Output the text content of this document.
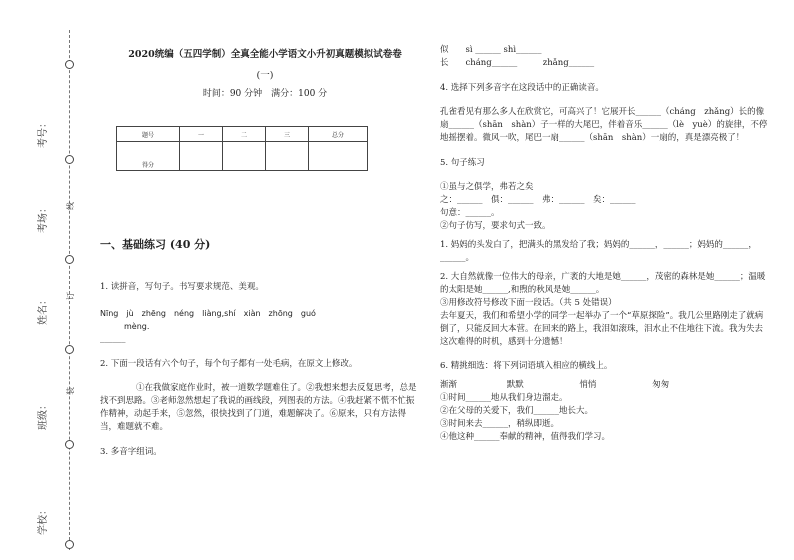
考号：
考场：
姓名：
班级：
学校：
线
订
装
2020统编（五四学制）全真全能小学语文小升初真题模拟试卷卷
(一)
时间：90 分钟　满分：100 分
题号	一	二	三	总分
得分				
一、基础练习 (40 分)

1. 读拼音，写句子。书写要求规范、美观。

Nīng　jù　zhēng　néng　liàng,shí　xiàn　zhōng　guó

mèng.

______

2. 下面一段话有六个句子，每个句子都有一处毛病，在原文上修改。

①在我做家庭作业时，被一道数学题难住了。②我想来想去反复思考，总是找不到思路。③老师忽然想起了我说的画线段，列图表的方法。④我赶紧不慌不忙振作精神，动起手来，⑤忽然，很快找到了门道，难题解决了。⑥原来，只有方法得当，难题就不难。

3. 多音字组词。

似　　sì ______ shì______

长　　cháng______　　　zhǎng______

4. 选择下列多音字在这段话中的正确读音。

孔雀看见有那么多人在欣赏它，可高兴了！它展开长______（cháng　zhǎng）长的像扇______（shān　shàn）子一样的大尾巴，伴着音乐______（lè　yuè）的旋律，不停地摇摆着。微风一吹，尾巴一扇______（shān　shàn）一扇的，真是漂亮极了！

5. 句子练习

①虽与之俱学，弗若之矣

之：______　俱：______　弗：______　矣：______

句意：______。

②句子仿写，要求句式一致。

1. 妈妈的头发白了，把满头的黑发给了我；妈妈的______，______；妈妈的______，______。

2. 大自然就像一位伟大的母亲，广袤的大地是她______，茂密的森林是她______；温暖的太阳是她______,和煦的秋风是她______。

③用修改符号修改下面一段话。（共 5 处错误）

去年夏天，我们和希望小学的同学一起举办了一个“草原探险”。我几公里路刚走了就病倒了，只能反回大本营。在回来的路上，我泪如滚珠，泪水止不住地往下流。我为失去这次难得的时机，感到十分遗憾！

6. 精挑细选：将下列词语填入相应的横线上。

渐渐	默默	悄悄	匆匆

①时间______地从我们身边溜走。

②在父母的关爱下，我们______地长大。

③时间来去______，稍纵即逝。

④他这种______奉献的精神，值得我们学习。
